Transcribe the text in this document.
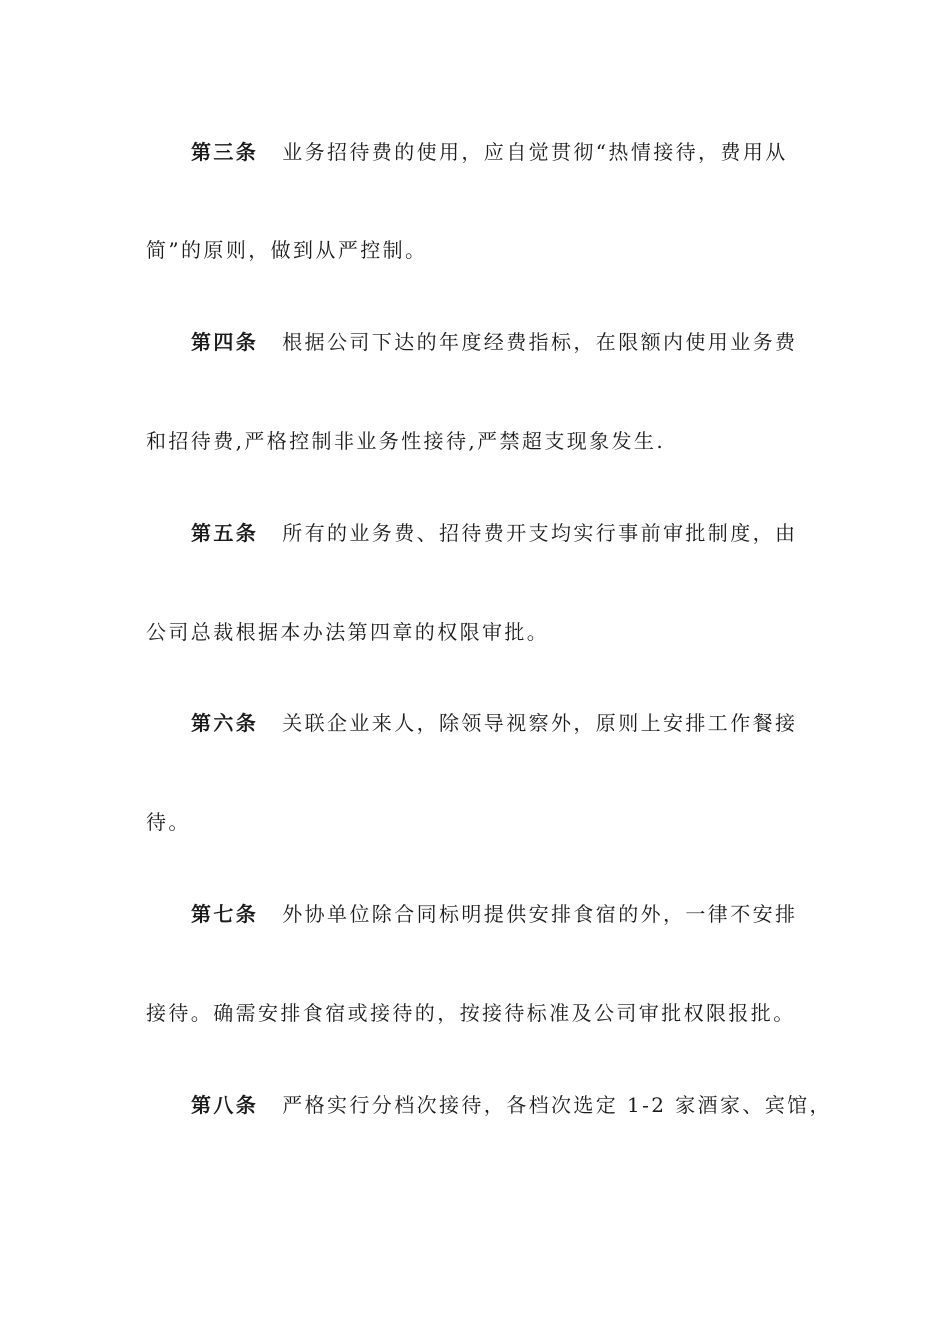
第三条 业务招待费的使用，应自觉贯彻“热情接待，费用从
简”的原则，做到从严控制。
第四条 根据公司下达的年度经费指标，在限额内使用业务费
和招待费,严格控制非业务性接待,严禁超支现象发生.
第五条 所有的业务费、招待费开支均实行事前审批制度，由
公司总裁根据本办法第四章的权限审批。
第六条 关联企业来人，除领导视察外，原则上安排工作餐接
待。
第七条 外协单位除合同标明提供安排食宿的外，一律不安排
接待。确需安排食宿或接待的，按接待标准及公司审批权限报批。
第八条 严格实行分档次接待，各档次选定 1-2 家酒家、宾馆，
